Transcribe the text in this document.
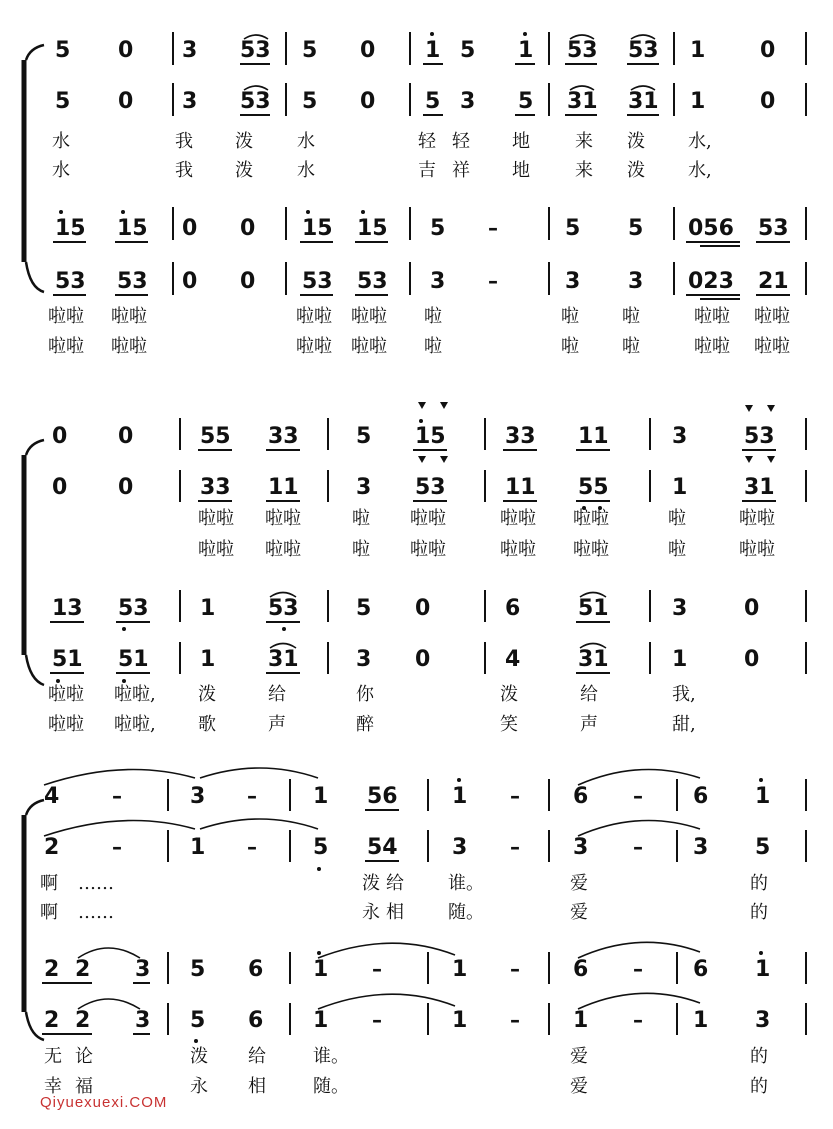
5 0 3 53 5 0 1 5 1 53 53 1 0
5 0 3 53 5 0 5 3 5 31 31 1 0
水	我 泼 水	轻 轻 地	来 泼 水,
水	我 泼 水	吉 祥 地	来 泼 水,
15 15 0 0 15 15 5 –	5 5 056 53
53 53 0 0 53 53 3 –	3 3 023 21
啦啦 啦啦	啦啦 啦啦 啦	啦 啦	啦啦 啦啦
啦啦 啦啦	啦啦 啦啦 啦	啦 啦	啦啦 啦啦
0 0	55 33	5 15	33 11	3	53
0 0	33 11	3 53	11 55	1	31
啦啦 啦啦	啦 啦啦	啦啦 啦啦	啦	啦啦
啦啦 啦啦	啦 啦啦	啦啦 啦啦	啦	啦啦
13 53 1 53	5 0	6	51	3	0
51 51 1 31	3 0	4	31	1	0
啦啦 啦啦, 泼	给	你	泼	给	我,
啦啦 啦啦, 歌	声	醉	笑	声	甜,
4	–	3 –	1 56 1 – 6 – 6 1
2	–	1 –	5 54 3 – 3 – 3 5
啊 ……	泼 给 谁。	爱	的
啊 ……	永 相 随。	爱	的
2 2 3 5 6 1 –	1 – 6 – 6 1
2 2 3 5 6 1 –	1 – 1 – 1 3
无 论	泼 给	谁。	爱	的
幸 福	永 相	随。	爱	的
Qiyuexuexi.COM
